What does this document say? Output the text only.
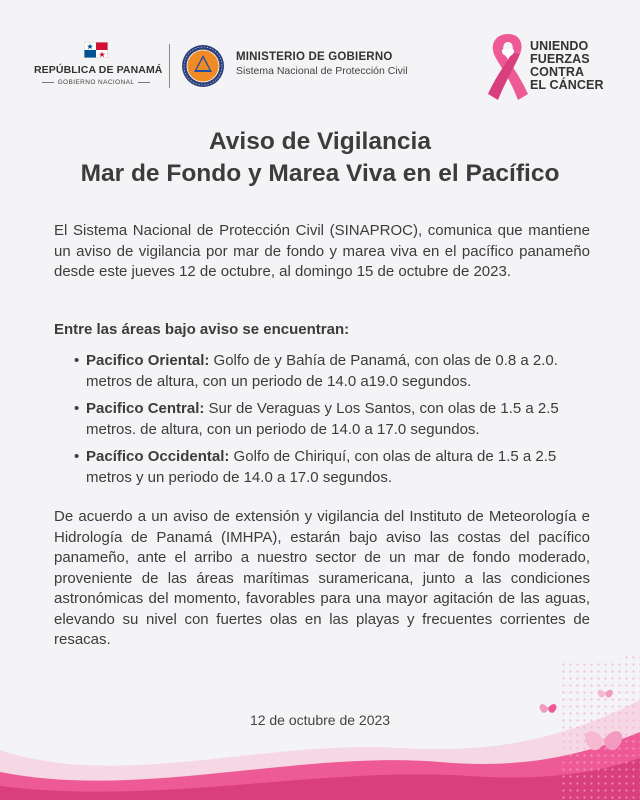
REPÚBLICA DE PANAMÁ
GOBIERNO NACIONAL
MINISTERIO DE GOBIERNO
Sistema Nacional de Protección Civil
UNIENDO
FUERZAS
CONTRA
EL CÁNCER
Aviso de Vigilancia
Mar de Fondo y Marea Viva en el Pacífico

El Sistema Nacional de Protección Civil (SINAPROC), comunica que mantiene un aviso de vigilancia por mar de fondo y marea viva en el pacífico panameño desde este jueves 12 de octubre, al domingo 15 de octubre de 2023.

Entre las áreas bajo aviso se encuentran:
• Pacifico Oriental: Golfo de y Bahía de Panamá, con olas de 0.8 a 2.0. metros de altura, con un periodo de 14.0 a19.0 segundos.
• Pacifico Central: Sur de Veraguas y Los Santos, con olas de 1.5 a 2.5 metros. de altura, con un periodo de 14.0 a 17.0 segundos.
• Pacífico Occidental: Golfo de Chiriquí, con olas de altura de 1.5 a 2.5 metros y un periodo de 14.0 a 17.0 segundos.

De acuerdo a un aviso de extensión y vigilancia del Instituto de Meteorología e Hidrología de Panamá (IMHPA), estarán bajo aviso las costas del pacífico panameño, ante el arribo a nuestro sector de un mar de fondo moderado, proveniente de las áreas marítimas suramericana, junto a las condiciones astronómicas del momento, favorables para una mayor agitación de las aguas, elevando su nivel con fuertes olas en las playas y frecuentes corrientes de resacas.

12 de octubre de 2023
